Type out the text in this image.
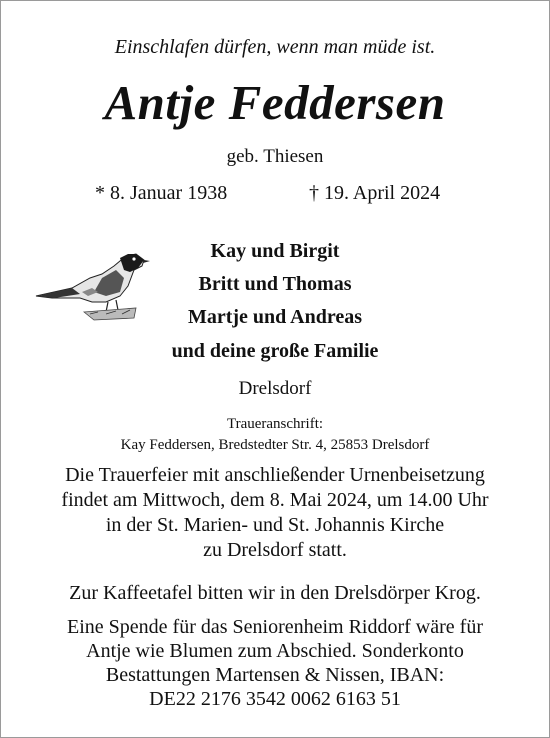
Einschlafen dürfen, wenn man müde ist.
Antje Feddersen
geb. Thiesen
* 8. Januar 1938	† 19. April 2024
Kay und Birgit
Britt und Thomas
Martje und Andreas
und deine große Familie
Drelsdorf
Traueranschrift:
Kay Feddersen, Bredstedter Str. 4, 25853 Drelsdorf
Die Trauerfeier mit anschließender Urnenbeisetzung
findet am Mittwoch, dem 8. Mai 2024, um 14.00 Uhr
in der St. Marien- und St. Johannis Kirche
zu Drelsdorf statt.
Zur Kaffeetafel bitten wir in den Drelsdörper Krog.
Eine Spende für das Seniorenheim Riddorf wäre für
Antje wie Blumen zum Abschied. Sonderkonto
Bestattungen Martensen & Nissen, IBAN:
DE22 2176 3542 0062 6163 51
